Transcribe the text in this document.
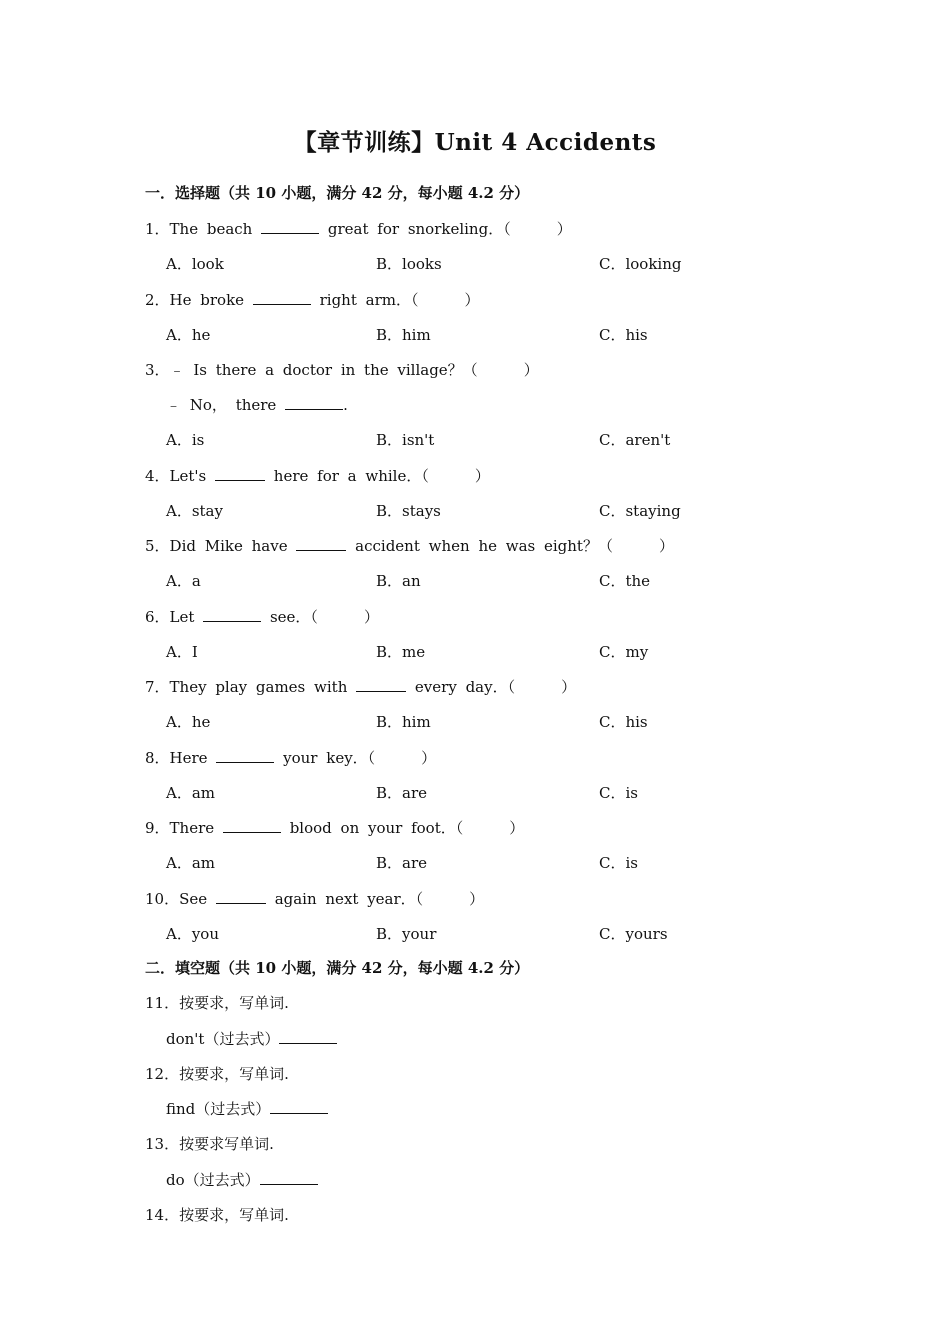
【章节训练】Unit 4 Accidents
一．选择题（共 10 小题，满分 42 分，每小题 4.2 分）
1．The beach	great for snorkeling．（	）
A．look	B．looks	C．looking
2．He broke	right arm．（	）
A．he	B．him	C．his
3．﹣ Is there a doctor in the village？（	）
﹣ No， there	.
A．is	B．isn't	C．aren't
4．Let's	here for a while．（	）
A．stay	B．stays	C．staying
5．Did Mike have	accident when he was eight？（	）
A．a	B．an	C．the
6．Let	see．（	）
A．I	B．me	C．my
7．They play games with	every day．（	）
A．he	B．him	C．his
8．Here	your key．（	）
A．am	B．are	C．is
9．There	blood on your foot．（	）
A．am	B．are	C．is
10．See	again next year．（	）
A．you	B．your	C．yours
二．填空题（共 10 小题，满分 42 分，每小题 4.2 分）
11．按要求，写单词.
don't（过去式）
12．按要求，写单词.
find（过去式）
13．按要求写单词.
do（过去式）
14．按要求，写单词.
